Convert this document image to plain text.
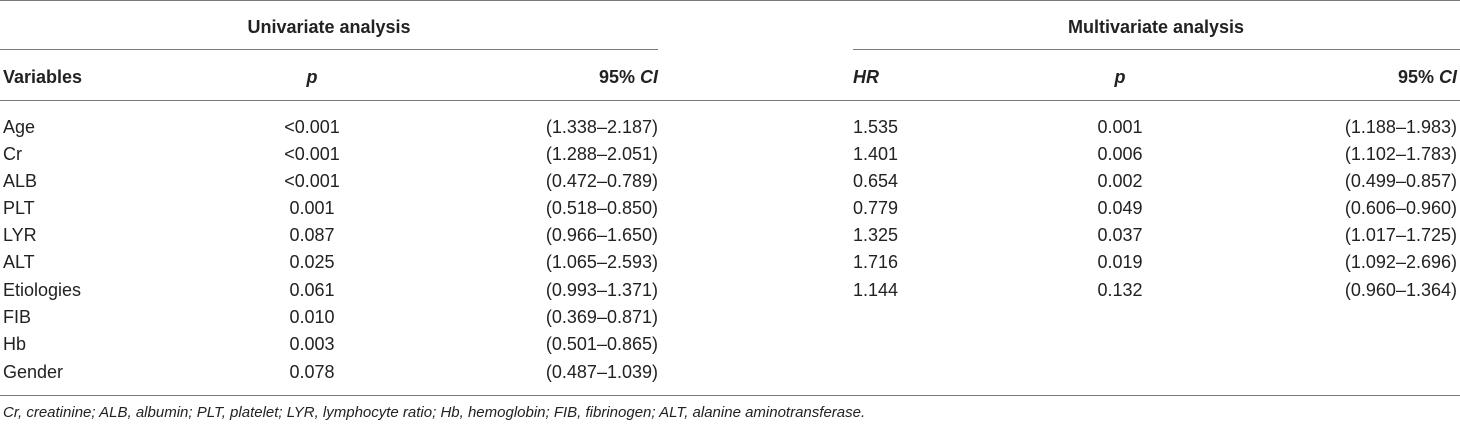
Univariate analysis	Multivariate analysis
Variables	p	95% CI	HR	p	95% CI
Age	<0.001	(1.338–2.187)	1.535	0.001	(1.188–1.983)
Cr	<0.001	(1.288–2.051)	1.401	0.006	(1.102–1.783)
ALB	<0.001	(0.472–0.789)	0.654	0.002	(0.499–0.857)
PLT	0.001	(0.518–0.850)	0.779	0.049	(0.606–0.960)
LYR	0.087	(0.966–1.650)	1.325	0.037	(1.017–1.725)
ALT	0.025	(1.065–2.593)	1.716	0.019	(1.092–2.696)
Etiologies	0.061	(0.993–1.371)	1.144	0.132	(0.960–1.364)
FIB	0.010	(0.369–0.871)
Hb	0.003	(0.501–0.865)
Gender	0.078	(0.487–1.039)
Cr, creatinine; ALB, albumin; PLT, platelet; LYR, lymphocyte ratio; Hb, hemoglobin; FIB, fibrinogen; ALT, alanine aminotransferase.
